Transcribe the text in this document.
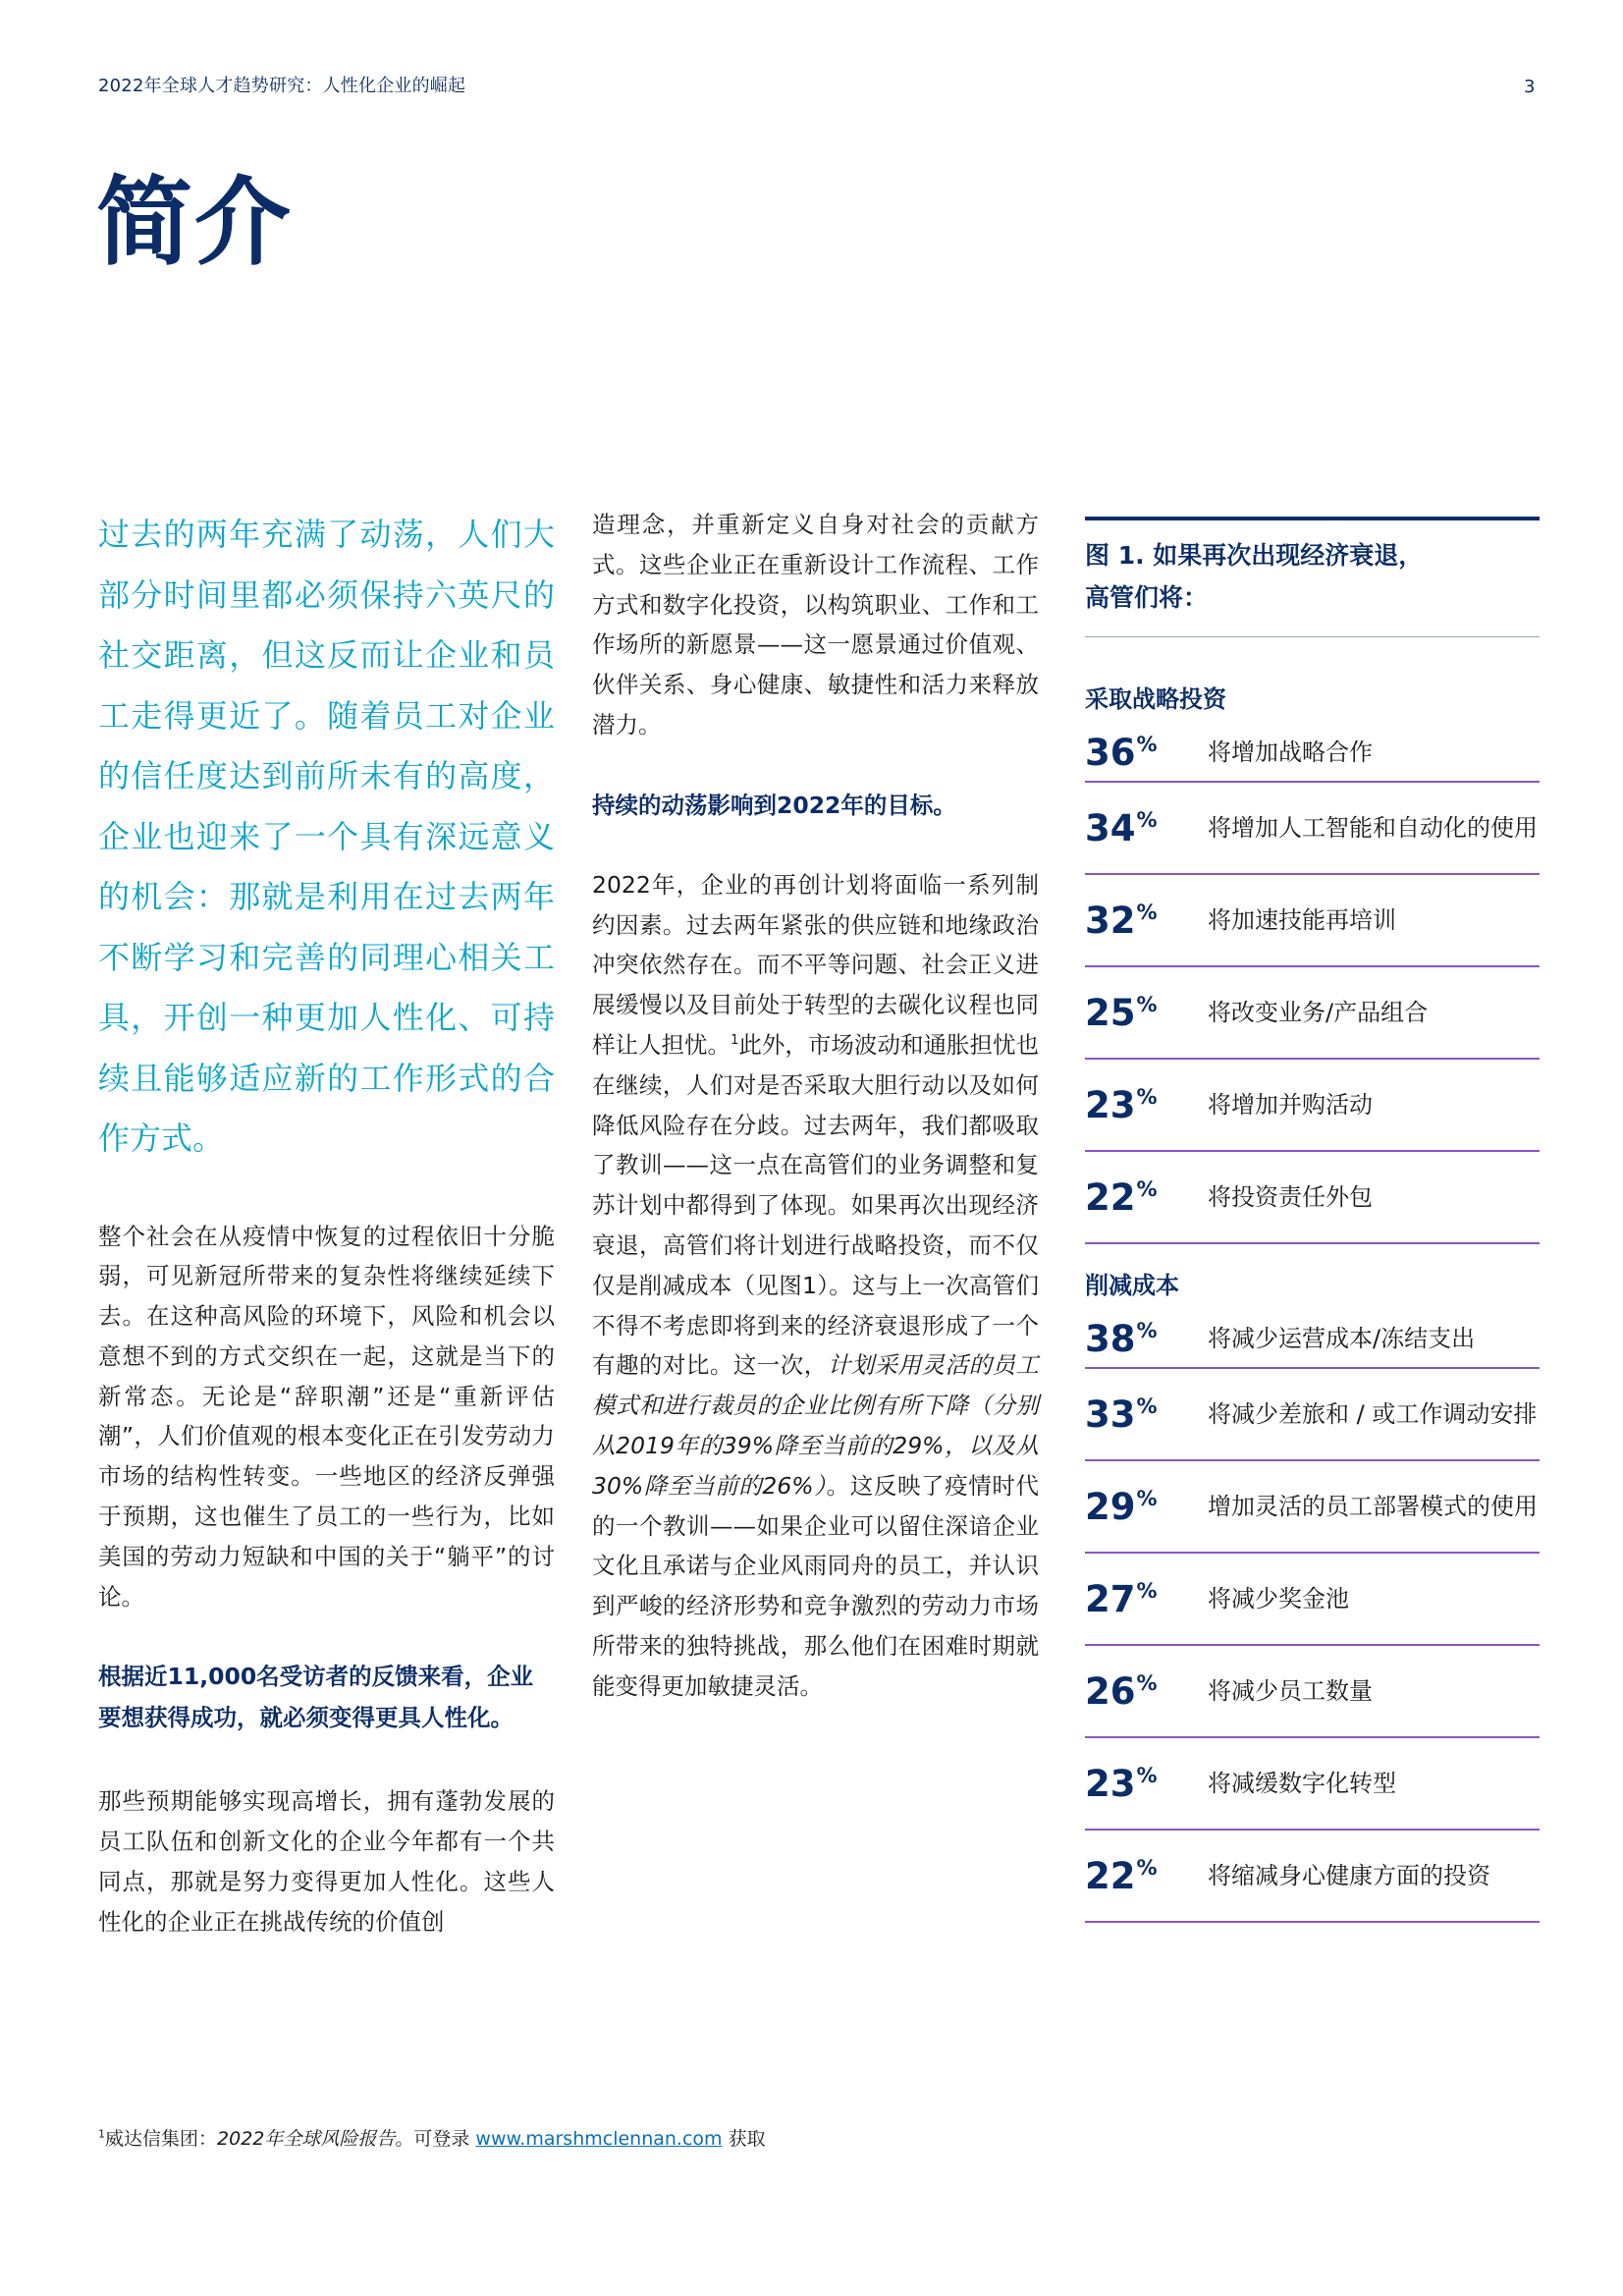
2022年全球人才趋势研究：人性化企业的崛起	3
简介

过去的两年充满了动荡，人们大部分时间里都必须保持六英尺的社交距离，但这反而让企业和员工走得更近了。随着员工对企业的信任度达到前所未有的高度，企业也迎来了一个具有深远意义的机会：那就是利用在过去两年不断学习和完善的同理心相关工具，开创一种更加人性化、可持续且能够适应新的工作形式的合作方式。

整个社会在从疫情中恢复的过程依旧十分脆弱，可见新冠所带来的复杂性将继续延续下去。在这种高风险的环境下，风险和机会以意想不到的方式交织在一起，这就是当下的新常态。无论是“辞职潮”还是“重新评估潮”，人们价值观的根本变化正在引发劳动力市场的结构性转变。一些地区的经济反弹强于预期，这也催生了员工的一些行为，比如美国的劳动力短缺和中国的关于“躺平”的讨论。

根据近11,000名受访者的反馈来看，企业要想获得成功，就必须变得更具人性化。

那些预期能够实现高增长，拥有蓬勃发展的员工队伍和创新文化的企业今年都有一个共同点，那就是努力变得更加人性化。这些人性化的企业正在挑战传统的价值创

造理念，并重新定义自身对社会的贡献方式。这些企业正在重新设计工作流程、工作方式和数字化投资，以构筑职业、工作和工作场所的新愿景——这一愿景通过价值观、伙伴关系、身心健康、敏捷性和活力来释放潜力。

持续的动荡影响到2022年的目标。

2022年，企业的再创计划将面临一系列制约因素。过去两年紧张的供应链和地缘政治冲突依然存在。而不平等问题、社会正义进展缓慢以及目前处于转型的去碳化议程也同样让人担忧。$^1$此外，市场波动和通胀担忧也在继续，人们对是否采取大胆行动以及如何降低风险存在分歧。过去两年，我们都吸取了教训——这一点在高管们的业务调整和复苏计划中都得到了体现。如果再次出现经济衰退，高管们将计划进行战略投资，而不仅仅是削减成本（见图1）。这与上一次高管们不得不考虑即将到来的经济衰退形成了一个有趣的对比。这一次，计划采用灵活的员工模式和进行裁员的企业比例有所下降（分别从2019年的39%降至当前的29%，以及从30%降至当前的26%）。这反映了疫情时代的一个教训——如果企业可以留住深谙企业文化且承诺与企业风雨同舟的员工，并认识到严峻的经济形势和竞争激烈的劳动力市场所带来的独特挑战，那么他们在困难时期就能变得更加敏捷灵活。

图 1. 如果再次出现经济衰退，
高管们将：
采取战略投资
36%	将增加战略合作
34%	将增加人工智能和自动化的使用
32%	将加速技能再培训
25%	将改变业务/产品组合
23%	将增加并购活动
22%	将投资责任外包
削减成本
38%	将减少运营成本/冻结支出
33%	将减少差旅和 / 或工作调动安排
29%	增加灵活的员工部署模式的使用
27%	将减少奖金池
26%	将减少员工数量
23%	将减缓数字化转型
22%	将缩减身心健康方面的投资
$^1$威达信集团：2022年全球风险报告。可登录 www.marshmclennan.com 获取
